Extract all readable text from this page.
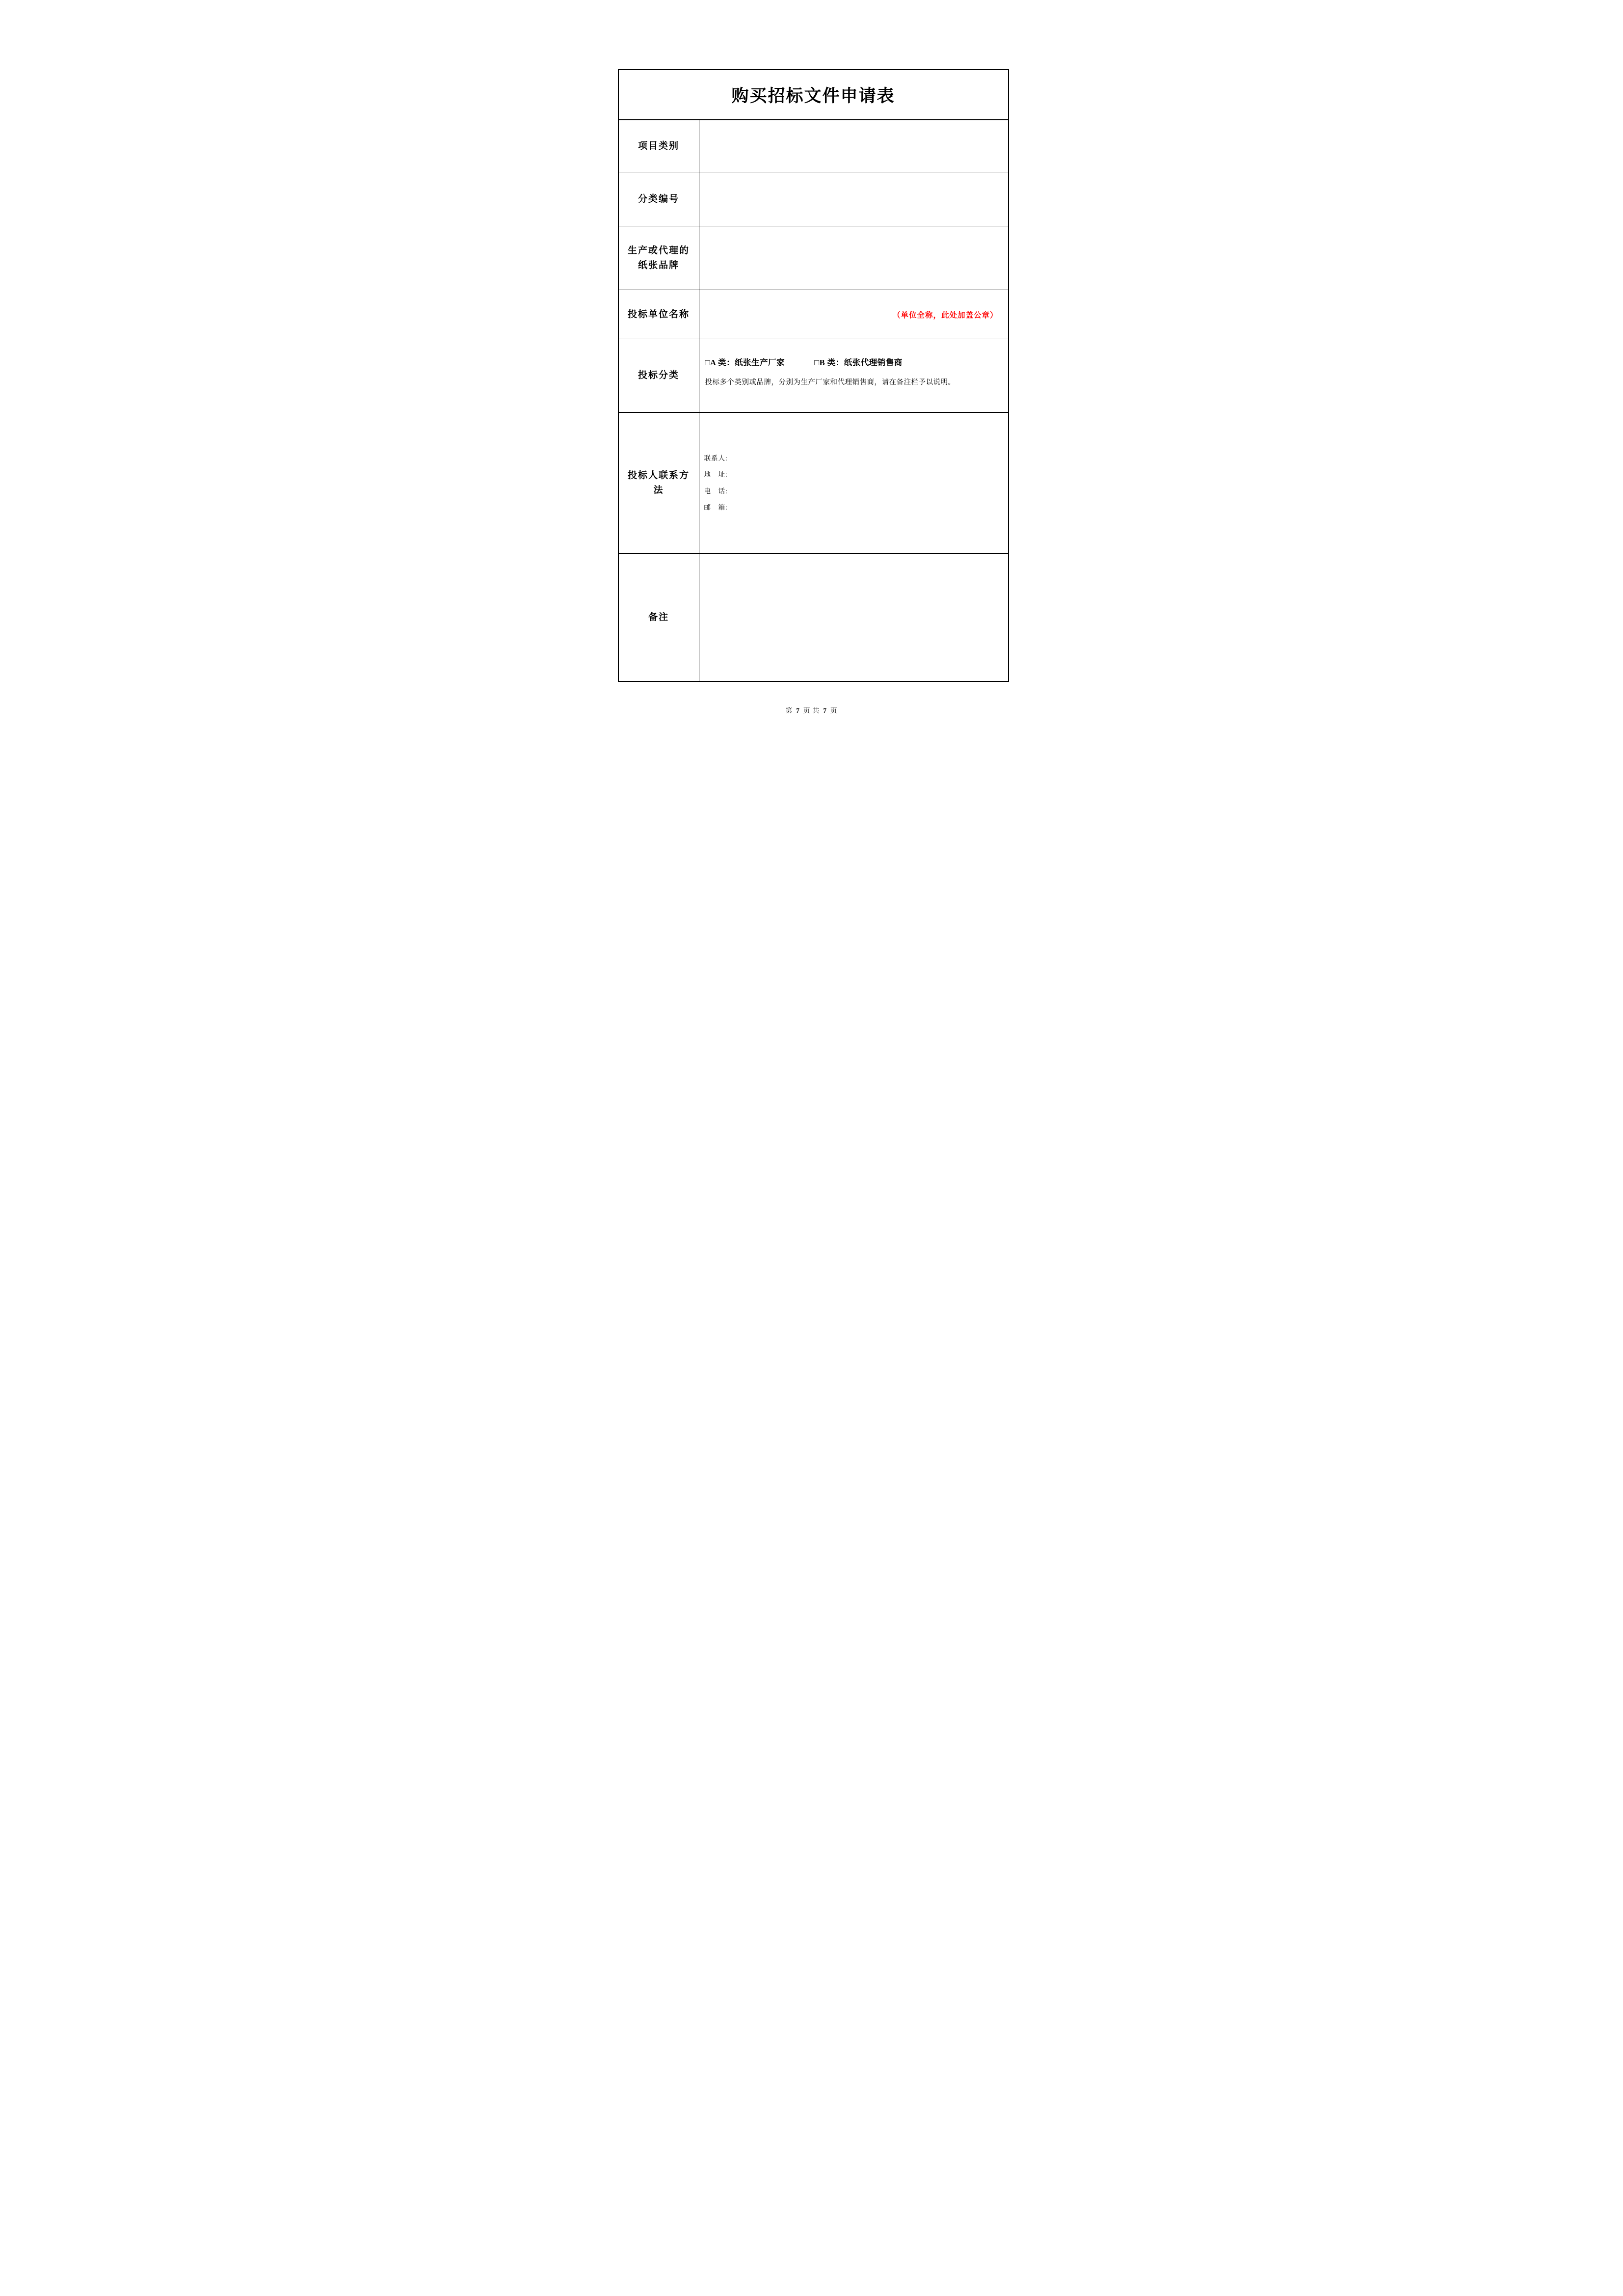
购买招标文件申请表
项目类别
分类编号
生产或代理的
纸张品牌
投标单位名称	（单位全称，此处加盖公章）
投标分类
□A 类：纸张生产厂家	□B 类：纸张代理销售商
投标多个类别或品牌，分别为生产厂家和代理销售商，请在备注栏予以说明。
投标人联系方
法
联系人:
地　址:
电　话:
邮　箱:
备注
第 7 页 共 7 页
